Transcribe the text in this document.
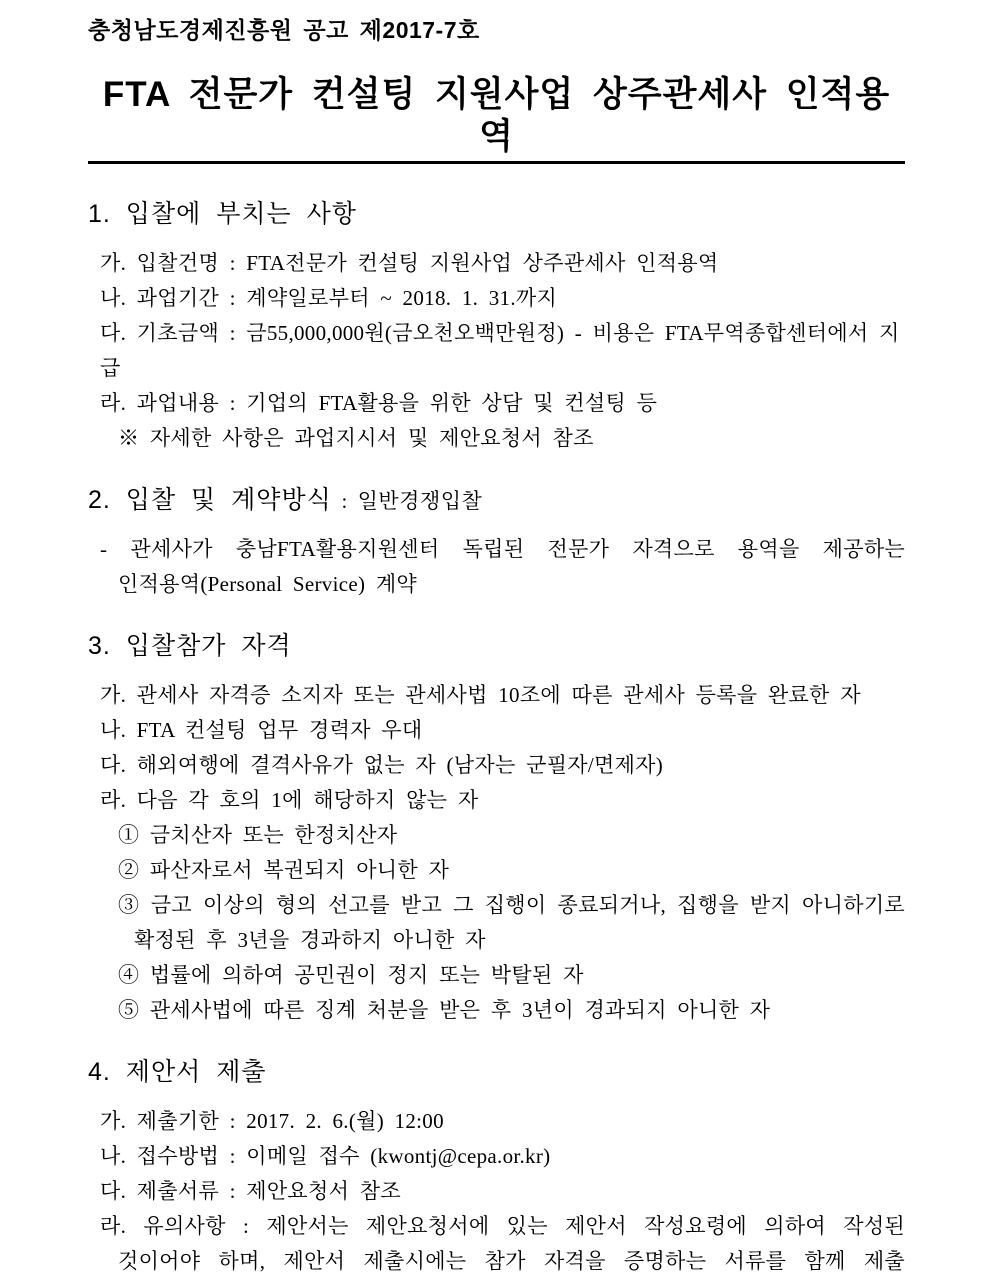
충청남도경제진흥원 공고 제2017-7호
FTA 전문가 컨설팅 지원사업 상주관세사 인적용역
1. 입찰에 부치는 사항
가. 입찰건명 : FTA전문가 컨설팅 지원사업 상주관세사 인적용역
나. 과업기간 : 계약일로부터 ~ 2018. 1. 31.까지
다. 기초금액 : 금55,000,000원(금오천오백만원정) - 비용은 FTA무역종합센터에서 지급
라. 과업내용 : 기업의 FTA활용을 위한 상담 및 컨설팅 등
※ 자세한 사항은 과업지시서 및 제안요청서 참조
2. 입찰 및 계약방식 : 일반경쟁입찰
- 관세사가 충남FTA활용지원센터 독립된 전문가 자격으로 용역을 제공하는
인적용역(Personal Service) 계약
3. 입찰참가 자격
가. 관세사 자격증 소지자 또는 관세사법 10조에 따른 관세사 등록을 완료한 자
나. FTA 컨설팅 업무 경력자 우대
다. 해외여행에 결격사유가 없는 자 (남자는 군필자/면제자)
라. 다음 각 호의 1에 해당하지 않는 자
① 금치산자 또는 한정치산자
② 파산자로서 복권되지 아니한 자
③ 금고 이상의 형의 선고를 받고 그 집행이 종료되거나, 집행을 받지 아니하기로
확정된 후 3년을 경과하지 아니한 자
④ 법률에 의하여 공민권이 정지 또는 박탈된 자
⑤ 관세사법에 따른 징계 처분을 받은 후 3년이 경과되지 아니한 자
4. 제안서 제출
가. 제출기한 : 2017. 2. 6.(월) 12:00
나. 접수방법 : 이메일 접수 (kwontj@cepa.or.kr)
다. 제출서류 : 제안요청서 참조
라. 유의사항 : 제안서는 제안요청서에 있는 제안서 작성요령에 의하여 작성된
것이어야 하며, 제안서 제출시에는 참가 자격을 증명하는 서류를 함께 제출
